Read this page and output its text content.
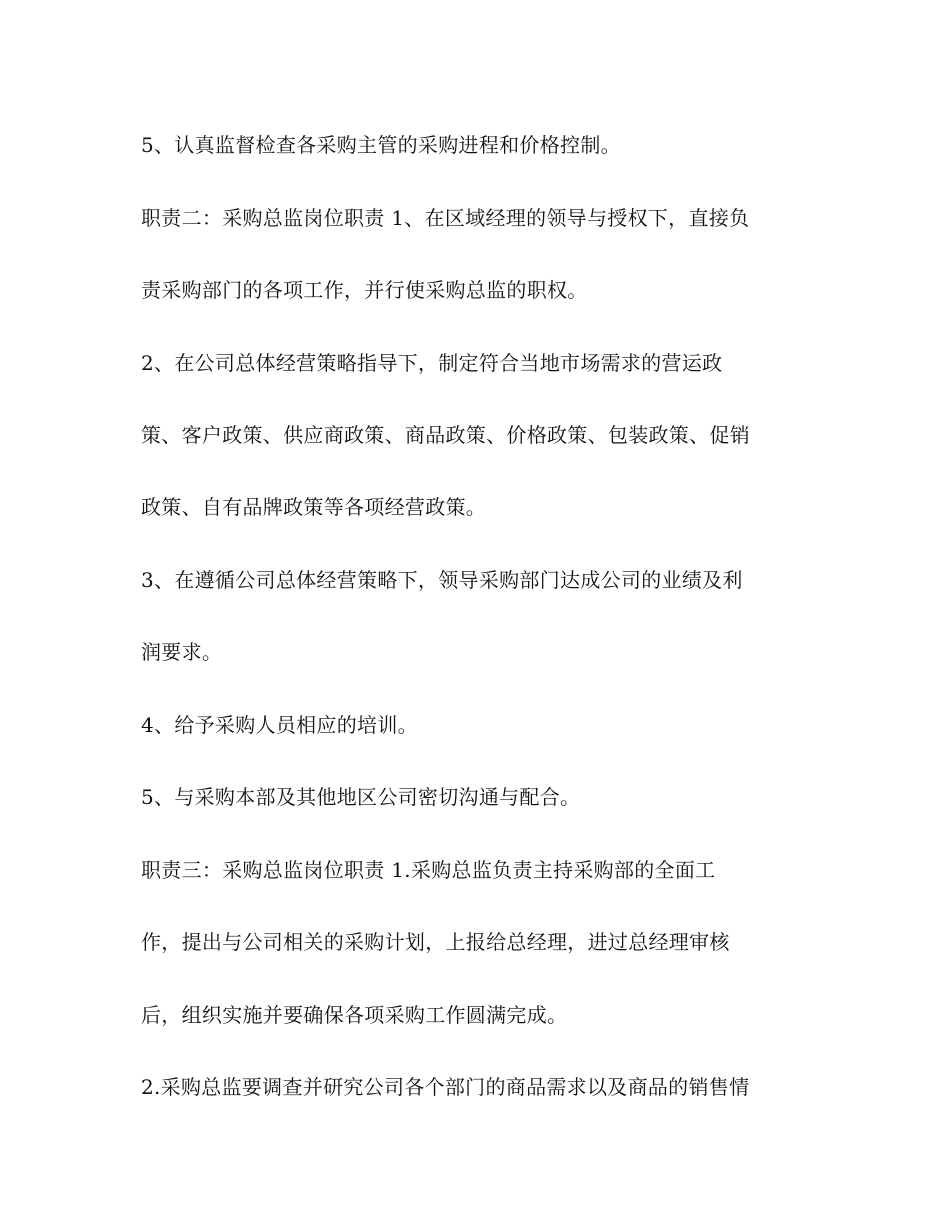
5、认真监督检查各采购主管的采购进程和价格控制。
职责二：采购总监岗位职责 1、在区域经理的领导与授权下，直接负
责采购部门的各项工作，并行使采购总监的职权。
2、在公司总体经营策略指导下，制定符合当地市场需求的营运政
策、客户政策、供应商政策、商品政策、价格政策、包装政策、促销
政策、自有品牌政策等各项经营政策。
3、在遵循公司总体经营策略下，领导采购部门达成公司的业绩及利
润要求。
4、给予采购人员相应的培训。
5、与采购本部及其他地区公司密切沟通与配合。
职责三：采购总监岗位职责 1.采购总监负责主持采购部的全面工
作，提出与公司相关的采购计划，上报给总经理，进过总经理审核
后，组织实施并要确保各项采购工作圆满完成。
2.采购总监要调查并研究公司各个部门的商品需求以及商品的销售情
